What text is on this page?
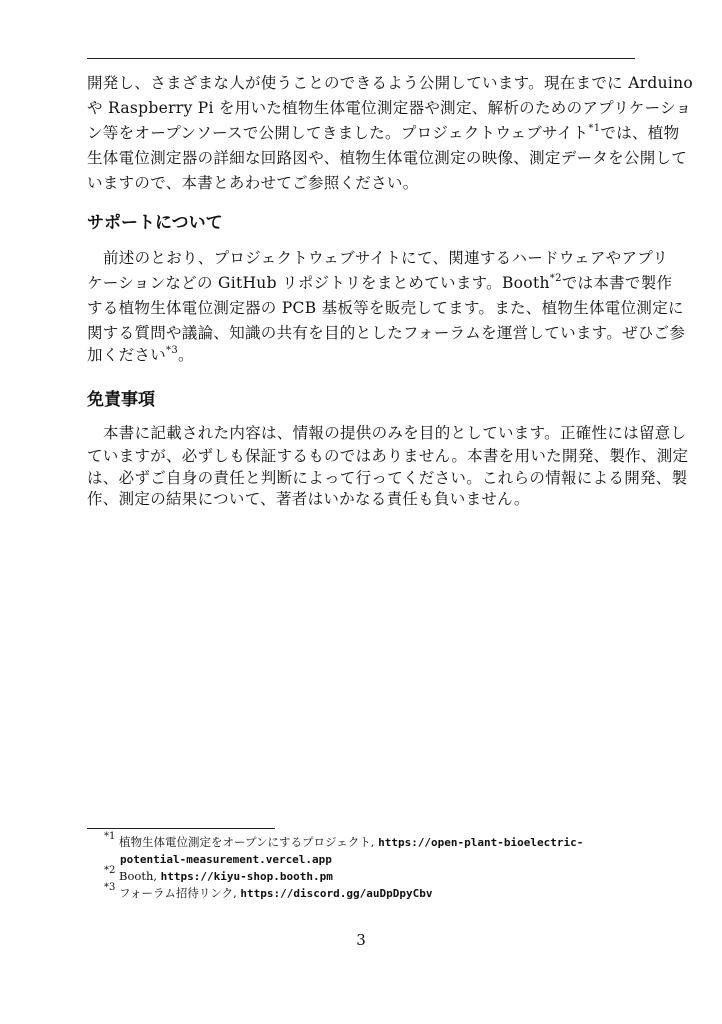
開発し、さまざまな人が使うことのできるよう公開しています。現在までに Arduino
や Raspberry Pi を用いた植物生体電位測定器や測定、解析のためのアプリケーショ
ン等をオープンソースで公開してきました。プロジェクトウェブサイト$^{*1}$では、植物
生体電位測定器の詳細な回路図や、植物生体電位測定の映像、測定データを公開して
いますので、本書とあわせてご参照ください。
サポートについて
前述のとおり、プロジェクトウェブサイトにて、関連するハードウェアやアプリ
ケーションなどの GitHub リポジトリをまとめています。Booth$^{*2}$では本書で製作
する植物生体電位測定器の PCB 基板等を販売してます。また、植物生体電位測定に
関する質問や議論、知識の共有を目的としたフォーラムを運営しています。ぜひご参
加ください$^{*3}$。
免責事項
本書に記載された内容は、情報の提供のみを目的としています。正確性には留意し
ていますが、必ずしも保証するものではありません。本書を用いた開発、製作、測定
は、必ずご自身の責任と判断によって行ってください。これらの情報による開発、製
作、測定の結果について、著者はいかなる責任も負いません。
$^{*1}$ 植物生体電位測定をオープンにするプロジェクト, https://open-plant-bioelectric-
potential-measurement.vercel.app
$^{*2}$ Booth, https://kiyu-shop.booth.pm
$^{*3}$ フォーラム招待リンク, https://discord.gg/auDpDpyCbv
3
